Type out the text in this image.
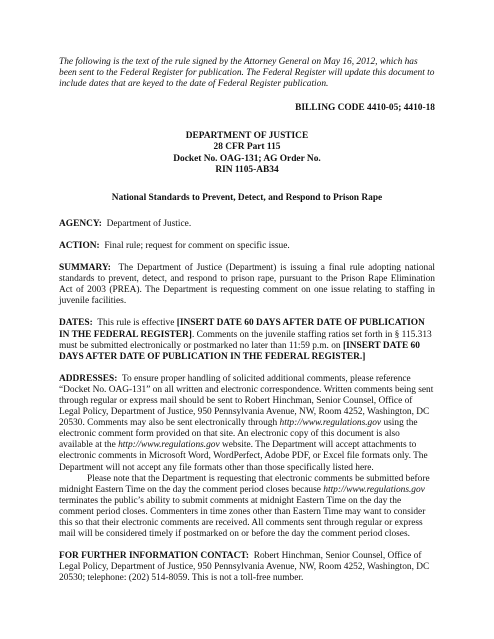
The following is the text of the rule signed by the Attorney General on May 16, 2012, which has been sent to the Federal Register for publication. The Federal Register will update this document to include dates that are keyed to the date of Federal Register publication.

BILLING CODE 4410-05; 4410-18

DEPARTMENT OF JUSTICE

28 CFR Part 115

Docket No. OAG-131; AG Order No.

RIN 1105-AB34

National Standards to Prevent, Detect, and Respond to Prison Rape

AGENCY: Department of Justice.

ACTION: Final rule; request for comment on specific issue.

SUMMARY: The Department of Justice (Department) is issuing a final rule adopting national standards to prevent, detect, and respond to prison rape, pursuant to the Prison Rape Elimination Act of 2003 (PREA). The Department is requesting comment on one issue relating to staffing in juvenile facilities.

DATES: This rule is effective [INSERT DATE 60 DAYS AFTER DATE OF PUBLICATION IN THE FEDERAL REGISTER]. Comments on the juvenile staffing ratios set forth in § 115.313 must be submitted electronically or postmarked no later than 11:59 p.m. on [INSERT DATE 60 DAYS AFTER DATE OF PUBLICATION IN THE FEDERAL REGISTER.]

ADDRESSES: To ensure proper handling of solicited additional comments, please reference “Docket No. OAG-131” on all written and electronic correspondence. Written comments being sent through regular or express mail should be sent to Robert Hinchman, Senior Counsel, Office of Legal Policy, Department of Justice, 950 Pennsylvania Avenue, NW, Room 4252, Washington, DC 20530. Comments may also be sent electronically through http://www.regulations.gov using the electronic comment form provided on that site. An electronic copy of this document is also available at the http://www.regulations.gov website. The Department will accept attachments to electronic comments in Microsoft Word, WordPerfect, Adobe PDF, or Excel file formats only. The Department will not accept any file formats other than those specifically listed here.

Please note that the Department is requesting that electronic comments be submitted before midnight Eastern Time on the day the comment period closes because http://www.regulations.gov terminates the public’s ability to submit comments at midnight Eastern Time on the day the comment period closes. Commenters in time zones other than Eastern Time may want to consider this so that their electronic comments are received. All comments sent through regular or express mail will be considered timely if postmarked on or before the day the comment period closes.

FOR FURTHER INFORMATION CONTACT: Robert Hinchman, Senior Counsel, Office of Legal Policy, Department of Justice, 950 Pennsylvania Avenue, NW, Room 4252, Washington, DC 20530; telephone: (202) 514-8059. This is not a toll-free number.
